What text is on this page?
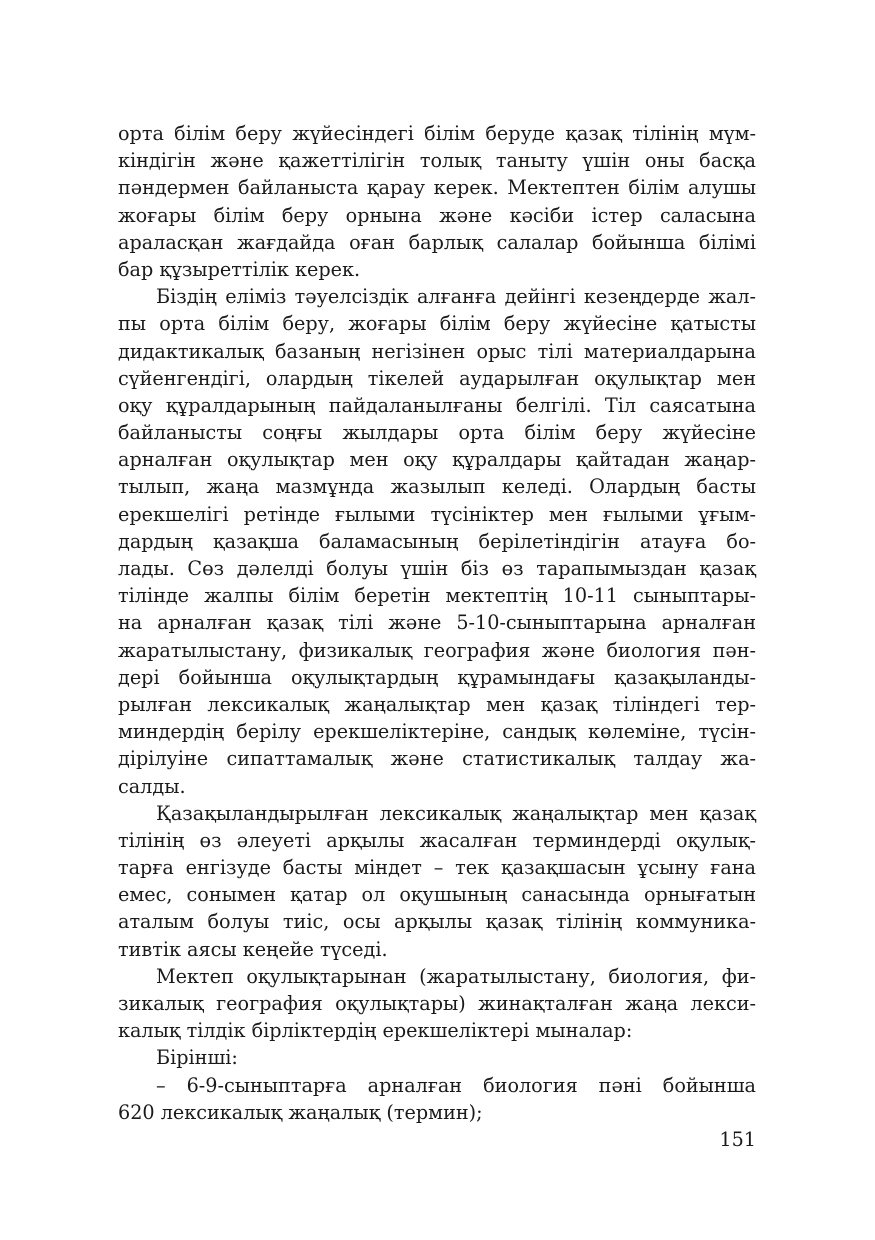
орта білім беру жүйесіндегі білім беруде қазақ тілінің мүм-
кіндігін және қажеттілігін толық таныту үшін оны басқа
пәндермен байланыста қарау керек. Мектептен білім алушы
жоғары білім беру орнына және кәсіби істер саласына
араласқан жағдайда оған барлық салалар бойынша білімі
бар құзыреттілік керек.
Біздің еліміз тәуелсіздік алғанға дейінгі кезеңдерде жал-
пы орта білім беру, жоғары білім беру жүйесіне қатысты
дидактикалық базаның негізінен орыс тілі материалдарына
сүйенгендігі, олардың тікелей аударылған оқулықтар мен
оқу құралдарының пайдаланылғаны белгілі. Тіл саясатына
байланысты соңғы жылдары орта білім беру жүйесіне
арналған оқулықтар мен оқу құралдары қайтадан жаңар-
тылып, жаңа мазмұнда жазылып келеді. Олардың басты
ерекшелігі ретінде ғылыми түсініктер мен ғылыми ұғым-
дардың қазақша баламасының берілетіндігін атауға бо-
лады. Сөз дәлелді болуы үшін біз өз тарапымыздан қазақ
тілінде жалпы білім беретін мектептің 10-11 сыныптары-
на арналған қазақ тілі және 5-10-сыныптарына арналған
жаратылыстану, физикалық география және биология пән-
дері бойынша оқулықтардың құрамындағы қазақыланды-
рылған лексикалық жаңалықтар мен қазақ тіліндегі тер-
миндердің берілу ерекшеліктеріне, сандық көлеміне, түсін-
дірілуіне сипаттамалық және статистикалық талдау жа-
салды.
Қазақыландырылған лексикалық жаңалықтар мен қазақ
тілінің өз әлеуеті арқылы жасалған терминдерді оқулық-
тарға енгізуде басты міндет – тек қазақшасын ұсыну ғана
емес, сонымен қатар ол оқушының санасында орнығатын
аталым болуы тиіс, осы арқылы қазақ тілінің коммуника-
тивтік аясы кеңейе түседі.
Мектеп оқулықтарынан (жаратылыстану, биология, фи-
зикалық география оқулықтары) жинақталған жаңа лекси-
калық тілдік бірліктердің ерекшеліктері мыналар:
Бірінші:
– 6-9-сыныптарға арналған биология пәні бойынша
620 лексикалық жаңалық (термин);
151
